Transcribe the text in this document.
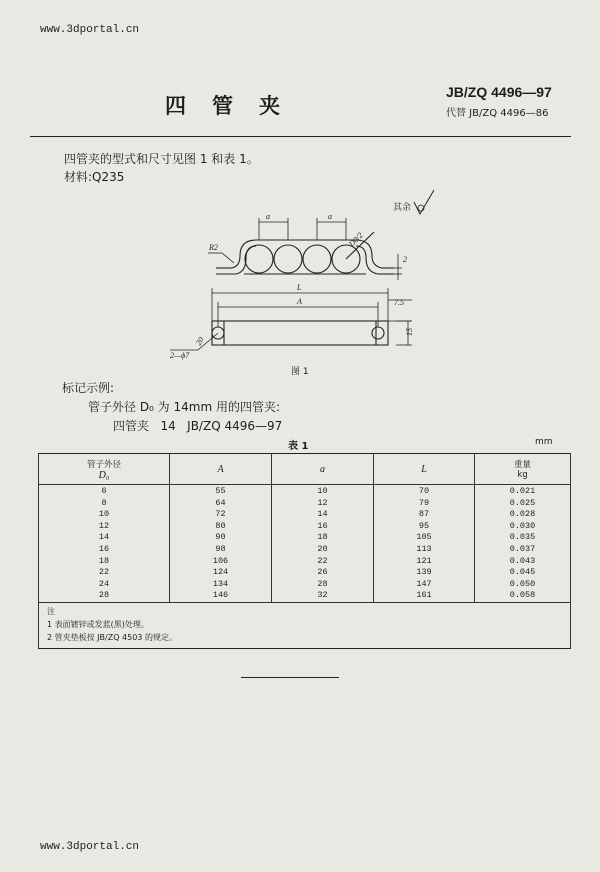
www.3dportal.cn
四管夹
JB/ZQ 4496—97
代替 JB/ZQ 4496—86
四管夹的型式和尺寸见图 1 和表 1。
材料:Q235
a	a
R2	D0/2
2
L
A	7.5
15
2—ϕ7
20
其余
图 1
标记示例:
管子外径 D₀ 为 14mm 用的四管夹:
四管夹   14   JB/ZQ 4496—97
表 1	mm
管子外径
D₀	A	a	L	重量
kg

6	55	10	70	0.021
8	64	12	79	0.025
10	72	14	87	0.028
12	80	16	95	0.030
14	90	18	105	0.035
16	98	20	113	0.037
18	106	22	121	0.043
22	124	26	139	0.045
24	134	28	147	0.050
28	146	32	161	0.058

注
1 表面镀锌或发蓝(黑)处理。
2 管夹垫板按 JB/ZQ 4503 的规定。				
www.3dportal.cn
